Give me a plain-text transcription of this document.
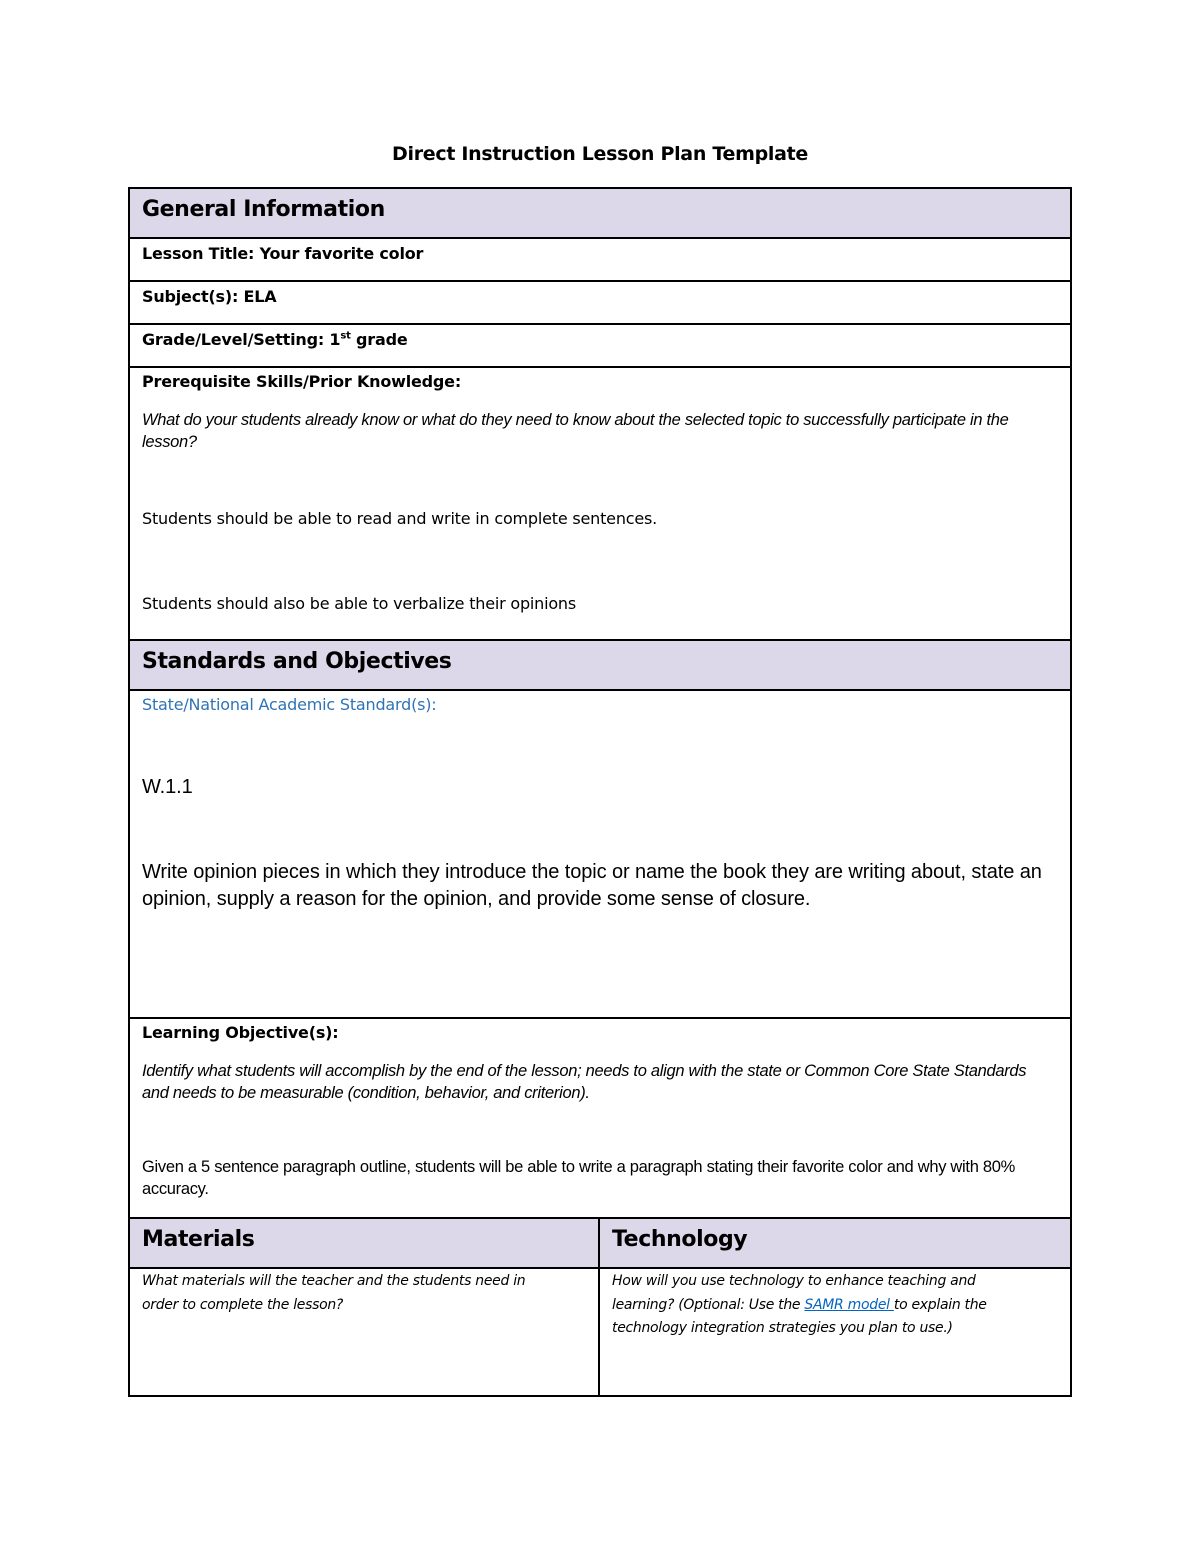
Direct Instruction Lesson Plan Template
General Information	

Lesson Title: Your favorite color	

Subject(s): ELA	

Grade/Level/Setting: 1st grade	

Prerequisite Skills/Prior Knowledge:
What do your students already know or what do they need to know about the selected topic to successfully participate in the lesson?
Students should be able to read and write in complete sentences.
Students should also be able to verbalize their opinions	

Standards and Objectives	

State/National Academic Standard(s):
W.1.1
Write opinion pieces in which they introduce the topic or name the book they are writing about, state an opinion, supply a reason for the opinion, and provide some sense of closure.	

Learning Objective(s):
Identify what students will accomplish by the end of the lesson; needs to align with the state or Common Core State Standards and needs to be measurable (condition, behavior, and criterion).
Given a 5 sentence paragraph outline, students will be able to write a paragraph stating their favorite color and why with 80% accuracy.	

Materials	Technology

What materials will the teacher and the students need in order to complete the lesson?	How will you use technology to enhance teaching and learning? (Optional: Use the SAMR model to explain the technology integration strategies you plan to use.)
